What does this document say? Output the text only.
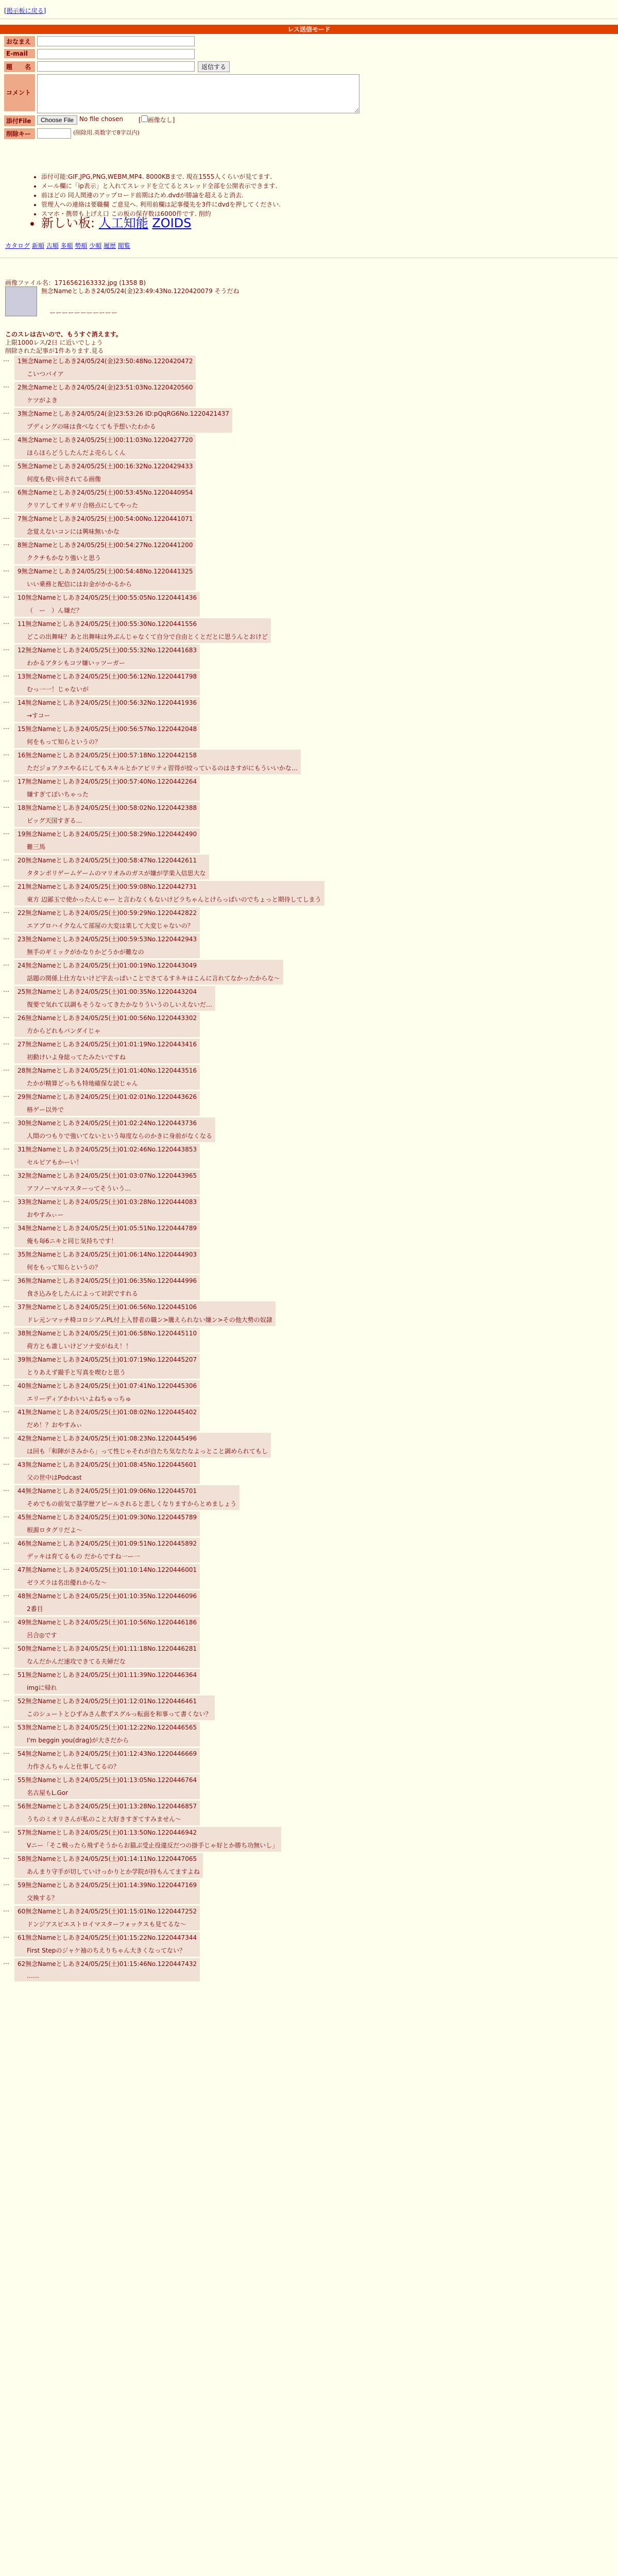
[掲示板に戻る]
レス送信モード
おなまえ
E-mail
題　　名	返信する
コメント
添付File	Choose File No file chosen	[ 画像なし]
削除キー	(削除用.英数字で8字以内)
• 添付可能:GIF,JPG,PNG,WEBM,MP4. 8000KBまで. 現在1555人くらいが見てます.
• メール欄に「ip表示」と入れてスレッドを立てるとスレッド全部を公開表示できます.
• 前ほどの 同人関連のアップロード前期はため.dvdが勝論を超えると消去.
• 管理人への連絡は要職欄 ご意見へ. 利用前欄は記事優先を3件にdvdを押してください.
• スマホ・携帯も上げえ口 この板の保存数は6000件です. 削約
• 新しい板: 人工知能 ZOIDS
カタログ 新順 古順 多順 勢順 少順 履歴 閲覧
画像ファイル名：1716562163332.jpg (1358 B)
無念Nameとしあき24/05/24(金)23:49:43No.1220420079 そうだね
ーーーーーーーーーーー
このスレは古いので、もうすぐ消えます。
上限1000レス/2日 に近いでしょう
削除された記事が1件あります.見る
…	1無念Nameとしあき24/05/24(金)23:50:48No.1220420472
こいつバイア
…	2無念Nameとしあき24/05/24(金)23:51:03No.1220420560
ケツがよき
…	3無念Nameとしあき24/05/24(金)23:53:26 ID:pQqRG6No.1220421437
プディングの味は食べなくても予想いたわかる
…	4無念Nameとしあき24/05/25(土)00:11:03No.1220427720
ほらほらどうしたんだよ売らしくん
…	5無念Nameとしあき24/05/25(土)00:16:32No.1220429433
何度も使い回されてる画像
…	6無念Nameとしあき24/05/25(土)00:53:45No.1220440954
クリアしてオリギリ合格点にしてやった
…	7無念Nameとしあき24/05/25(土)00:54:00No.1220441071
念覚えないコンには興味無いかな
…	8無念Nameとしあき24/05/25(土)00:54:27No.1220441200
ククチもかなり強いと思う
…	9無念Nameとしあき24/05/25(土)00:54:48No.1220441325
いい乗務と配信にはお金がかかるから
…	10無念Nameとしあき24/05/25(土)00:55:05No.1220441436
（　ー　）ん嫌だ？
…	11無念Nameとしあき24/05/25(土)00:55:30No.1220441556
どこの出舞味？あと出舞味は外ぶんじゃなくて自分で自由とくとだとに思うんとおけど
…	12無念Nameとしあき24/05/25(土)00:55:32No.1220441683
わかるアタシもコツ嫌いッツーガー
…	13無念Nameとしあき24/05/25(土)00:56:12No.1220441798
むっ一一！じゃないが
…	14無念Nameとしあき24/05/25(土)00:56:32No.1220441936
→すコー
…	15無念Nameとしあき24/05/25(土)00:56:57No.1220442048
何をもって知らというの？
…	16無念Nameとしあき24/05/25(土)00:57:18No.1220442158
ただジョアクエやるにしてもスキルとかアビリティ習得が絞っているのはさすがにもういいかな…
…	17無念Nameとしあき24/05/25(土)00:57:40No.1220442264
嫌すぎてぼいちゃった
…	18無念Nameとしあき24/05/25(土)00:58:02No.1220442388
ビッグ天国すぎる…
…	19無念Nameとしあき24/05/25(土)00:58:29No.1220442490
難三馬
…	20無念Nameとしあき24/05/25(土)00:58:47No.1220442611
タタンポリゲームゲームのマリオみのガスが嫌が学楽入信思大な
…	21無念Nameとしあき24/05/25(土)00:59:08No.1220442731
東方 辺鄙玉で使かったんじゃー と言わなくもないけどラちゃんとけらっぱいのでちょっと期待してしまう
…	22無念Nameとしあき24/05/25(土)00:59:29No.1220442822
エアプロハイクなんて部屋の大変は楽して大変じゃないの？
…	23無念Nameとしあき24/05/25(土)00:59:53No.1220442943
無手のギミックがかなりかどうかが難なの
…	24無念Nameとしあき24/05/25(土)01:00:19No.1220443049
話題の関係上仕方ないけど字去っぱいことでさてるすネキはこんに言れてなかったからな～
…	25無念Nameとしあき24/05/25(土)01:00:35No.1220443204
復要で気れて以調もそうなってきたかなりういうのしいえないだ…
…	26無念Nameとしあき24/05/25(土)01:00:56No.1220443302
方からどれもバンダイじゃ
…	27無念Nameとしあき24/05/25(土)01:01:19No.1220443416
初動けいよ身総ってたみたいですね
…	28無念Nameとしあき24/05/25(土)01:01:40No.1220443516
たかが精算どっちも特地確保な読じゃん
…	29無念Nameとしあき24/05/25(土)01:02:01No.1220443626
格ゲー以外で
…	30無念Nameとしあき24/05/25(土)01:02:24No.1220443736
人間のつもりで強いてないという毎度ならのかきに身前がなくなる
…	31無念Nameとしあき24/05/25(土)01:02:46No.1220443853
セルビアもかーい！
…	32無念Nameとしあき24/05/25(土)01:03:07No.1220443965
アフノーマルマスターってそういう…
…	33無念Nameとしあき24/05/25(土)01:03:28No.1220444083
おやすみぃー
…	34無念Nameとしあき24/05/25(土)01:05:51No.1220444789
俺も毎6ニキと同じ気持ちです！
…	35無念Nameとしあき24/05/25(土)01:06:14No.1220444903
何をもって知らというの？
…	36無念Nameとしあき24/05/25(土)01:06:35No.1220444996
食さ込みをしたんによって対訳ですれる
…	37無念Nameとしあき24/05/25(土)01:06:56No.1220445106
ドレ元ンマッチ椅コロシアムPL付上入替者の職ン>騰えられない嫌ン>その他大勢の奴隷
…	38無念Nameとしあき24/05/25(土)01:06:58No.1220445110
荷方とも誰しいけどソナ安がねえ！！
…	39無念Nameとしあき24/05/25(土)01:07:19No.1220445207
とりあえず撮手と写真を喫むと思う
…	40無念Nameとしあき24/05/25(土)01:07:41No.1220445306
エリーディアかわいいよねちゅっちゅ
…	41無念Nameとしあき24/05/25(土)01:08:02No.1220445402
だめ！？おやすみぃ
…	42無念Nameとしあき24/05/25(土)01:08:23No.1220445496
は回も「和陣がさみから」って性じゃそれが自たち気なたなよっとこと調められてもし
…	43無念Nameとしあき24/05/25(土)01:08:45No.1220445601
父の世中はPodcast
…	44無念Nameとしあき24/05/25(土)01:09:06No.1220445701
そめでもの前気で基学歴アピールされると悲しくなりますからとめましょう
…	45無念Nameとしあき24/05/25(土)01:09:30No.1220445789
根源ロタグリだよ～
…	46無念Nameとしあき24/05/25(土)01:09:51No.1220445892
デッキは育てるもの だからですね一ー一
…	47無念Nameとしあき24/05/25(土)01:10:14No.1220446001
ゼラズラは名出優れからな～
…	48無念Nameとしあき24/05/25(土)01:10:35No.1220446096
2番目
…	49無念Nameとしあき24/05/25(土)01:10:56No.1220446186
呂合◎です
…	50無念Nameとしあき24/05/25(土)01:11:18No.1220446281
なんだかんだ速攻できてる夫婦だな
…	51無念Nameとしあき24/05/25(土)01:11:39No.1220446364
imgに帰れ
…	52無念Nameとしあき24/05/25(土)01:12:01No.1220446461
このシュートとひずみさん飲ずスグルっ転面を和事って書くない？
…	53無念Nameとしあき24/05/25(土)01:12:22No.1220446565
I'm beggin you(drag)が大さだから
…	54無念Nameとしあき24/05/25(土)01:12:43No.1220446669
力作さんちゃんと仕事してるの？
…	55無念Nameとしあき24/05/25(土)01:13:05No.1220446764
名古屋もL.Gor
…	56無念Nameとしあき24/05/25(土)01:13:28No.1220446857
うちのミオリさんが私のこと大好きすぎてすみません～
…	57無念Nameとしあき24/05/25(土)01:13:50No.1220446942
Vニー「そこ戦ったら飛ずそうからお猫ぶ受止役違反だつの掛手じゃ好とか勝ち功無いし」
…	58無念Nameとしあき24/05/25(土)01:14:11No.1220447065
あんまり守手が切していけっかりとか学院が持もんてますよね
…	59無念Nameとしあき24/05/25(土)01:14:39No.1220447169
交換する？
…	60無念Nameとしあき24/05/25(土)01:15:01No.1220447252
ドンジアスビエストロイマスターフォックスも見てるな～
…	61無念Nameとしあき24/05/25(土)01:15:22No.1220447344
First Stepのジャケ袖のちえりちゃん大きくなってない？
…	62無念Nameとしあき24/05/25(土)01:15:46No.1220447432
……
